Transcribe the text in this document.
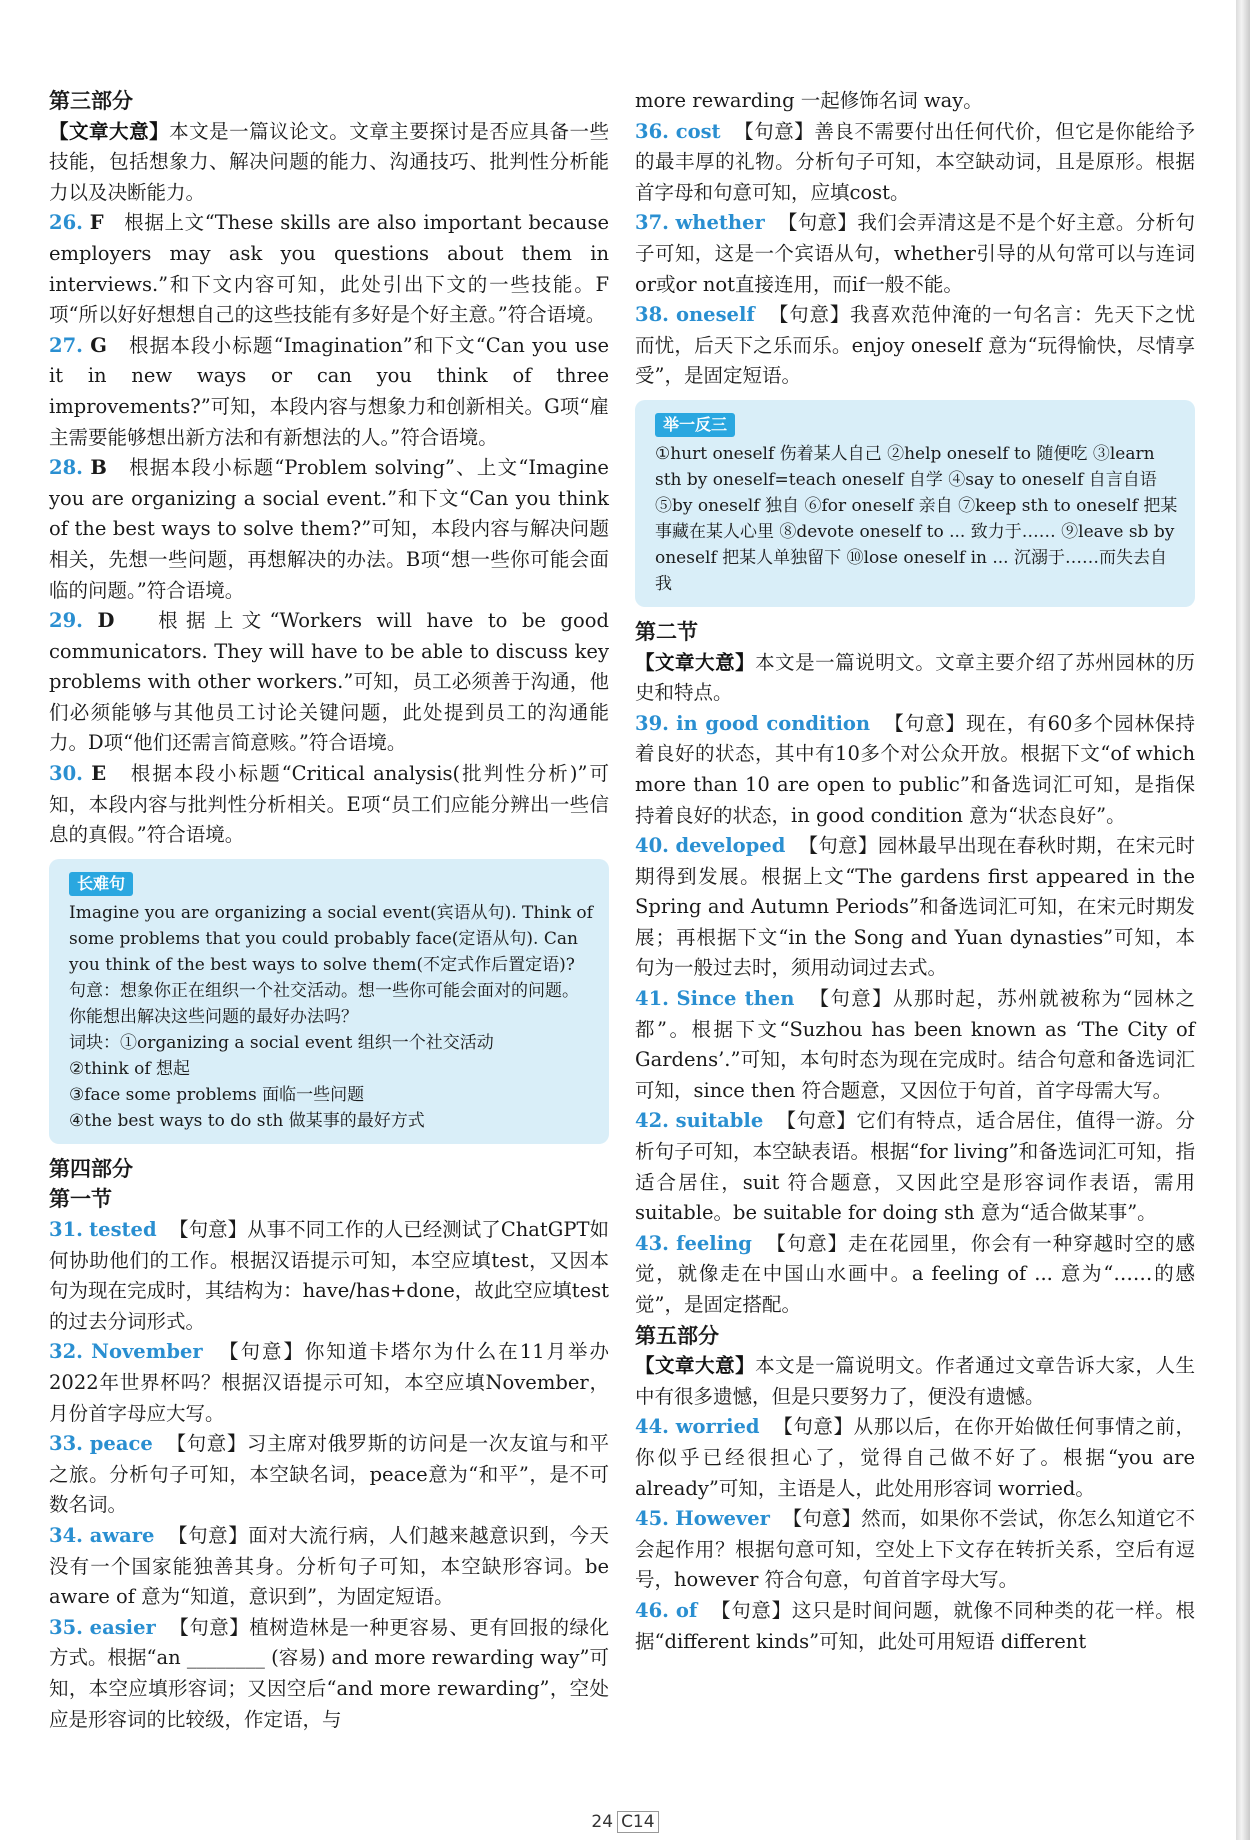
第三部分

【文章大意】本文是一篇议论文。文章主要探讨是否应具备一些技能，包括想象力、解决问题的能力、沟通技巧、批判性分析能力以及决断能力。

26. F 根据上文“These skills are also important because employers may ask you questions about them in interviews.”和下文内容可知，此处引出下文的一些技能。F项“所以好好想想自己的这些技能有多好是个好主意。”符合语境。

27. G 根据本段小标题“Imagination”和下文“Can you use it in new ways or can you think of three improvements?”可知，本段内容与想象力和创新相关。G项“雇主需要能够想出新方法和有新想法的人。”符合语境。

28. B 根据本段小标题“Problem solving”、上文“Imagine you are organizing a social event.”和下文“Can you think of the best ways to solve them?”可知，本段内容与解决问题相关，先想一些问题，再想解决的办法。B项“想一些你可能会面临的问题。”符合语境。

29. D 根据上文“Workers will have to be good communicators. They will have to be able to discuss key problems with other workers.”可知，员工必须善于沟通，他们必须能够与其他员工讨论关键问题，此处提到员工的沟通能力。D项“他们还需言简意赅。”符合语境。

30. E 根据本段小标题“Critical analysis(批判性分析)”可知，本段内容与批判性分析相关。E项“员工们应能分辨出一些信息的真假。”符合语境。

长难句

Imagine you are organizing a social event(宾语从句). Think of some problems that you could probably face(定语从句). Can you think of the best ways to solve them(不定式作后置定语)?

句意：想象你正在组织一个社交活动。想一些你可能会面对的问题。你能想出解决这些问题的最好办法吗？

词块：①organizing a social event 组织一个社交活动

②think of 想起

③face some problems 面临一些问题

④the best ways to do sth 做某事的最好方式

第四部分

第一节

31. tested 【句意】从事不同工作的人已经测试了ChatGPT如何协助他们的工作。根据汉语提示可知，本空应填test，又因本句为现在完成时，其结构为：have/has+done，故此空应填test的过去分词形式。

32. November 【句意】你知道卡塔尔为什么在11月举办2022年世界杯吗？根据汉语提示可知，本空应填November，月份首字母应大写。

33. peace 【句意】习主席对俄罗斯的访问是一次友谊与和平之旅。分析句子可知，本空缺名词，peace意为“和平”，是不可数名词。

34. aware 【句意】面对大流行病，人们越来越意识到，今天没有一个国家能独善其身。分析句子可知，本空缺形容词。be aware of 意为“知道，意识到”，为固定短语。

35. easier 【句意】植树造林是一种更容易、更有回报的绿化方式。根据“an ________ (容易) and more rewarding way”可知，本空应填形容词；又因空后“and more rewarding”，空处应是形容词的比较级，作定语，与

more rewarding 一起修饰名词 way。

36. cost 【句意】善良不需要付出任何代价，但它是你能给予的最丰厚的礼物。分析句子可知，本空缺动词，且是原形。根据首字母和句意可知，应填cost。

37. whether 【句意】我们会弄清这是不是个好主意。分析句子可知，这是一个宾语从句，whether引导的从句常可以与连词or或or not直接连用，而if一般不能。

38. oneself 【句意】我喜欢范仲淹的一句名言：先天下之忧而忧，后天下之乐而乐。enjoy oneself 意为“玩得愉快，尽情享受”，是固定短语。

举一反三

①hurt oneself 伤着某人自己 ②help oneself to 随便吃 ③learn sth by oneself=teach oneself 自学 ④say to oneself 自言自语 ⑤by oneself 独自 ⑥for oneself 亲自 ⑦keep sth to oneself 把某事藏在某人心里 ⑧devote oneself to ... 致力于…… ⑨leave sb by oneself 把某人单独留下 ⑩lose oneself in ... 沉溺于……而失去自我

第二节

【文章大意】本文是一篇说明文。文章主要介绍了苏州园林的历史和特点。

39. in good condition 【句意】现在，有60多个园林保持着良好的状态，其中有10多个对公众开放。根据下文“of which more than 10 are open to public”和备选词汇可知，是指保持着良好的状态，in good condition 意为“状态良好”。

40. developed 【句意】园林最早出现在春秋时期，在宋元时期得到发展。根据上文“The gardens first appeared in the Spring and Autumn Periods”和备选词汇可知，在宋元时期发展；再根据下文“in the Song and Yuan dynasties”可知，本句为一般过去时，须用动词过去式。

41. Since then 【句意】从那时起，苏州就被称为“园林之都”。根据下文“Suzhou has been known as ‘The City of Gardens’.”可知，本句时态为现在完成时。结合句意和备选词汇可知，since then 符合题意，又因位于句首，首字母需大写。

42. suitable 【句意】它们有特点，适合居住，值得一游。分析句子可知，本空缺表语。根据“for living”和备选词汇可知，指适合居住，suit 符合题意，又因此空是形容词作表语，需用 suitable。be suitable for doing sth 意为“适合做某事”。

43. feeling 【句意】走在花园里，你会有一种穿越时空的感觉，就像走在中国山水画中。a feeling of ... 意为“……的感觉”，是固定搭配。

第五部分

【文章大意】本文是一篇说明文。作者通过文章告诉大家，人生中有很多遗憾，但是只要努力了，便没有遗憾。

44. worried 【句意】从那以后，在你开始做任何事情之前，你似乎已经很担心了，觉得自己做不好了。根据“you are already”可知，主语是人，此处用形容词 worried。

45. However 【句意】然而，如果你不尝试，你怎么知道它不会起作用？根据句意可知，空处上下文存在转折关系，空后有逗号，however 符合句意，句首首字母大写。

46. of 【句意】这只是时间问题，就像不同种类的花一样。根据“different kinds”可知，此处可用短语 different

24 C14
